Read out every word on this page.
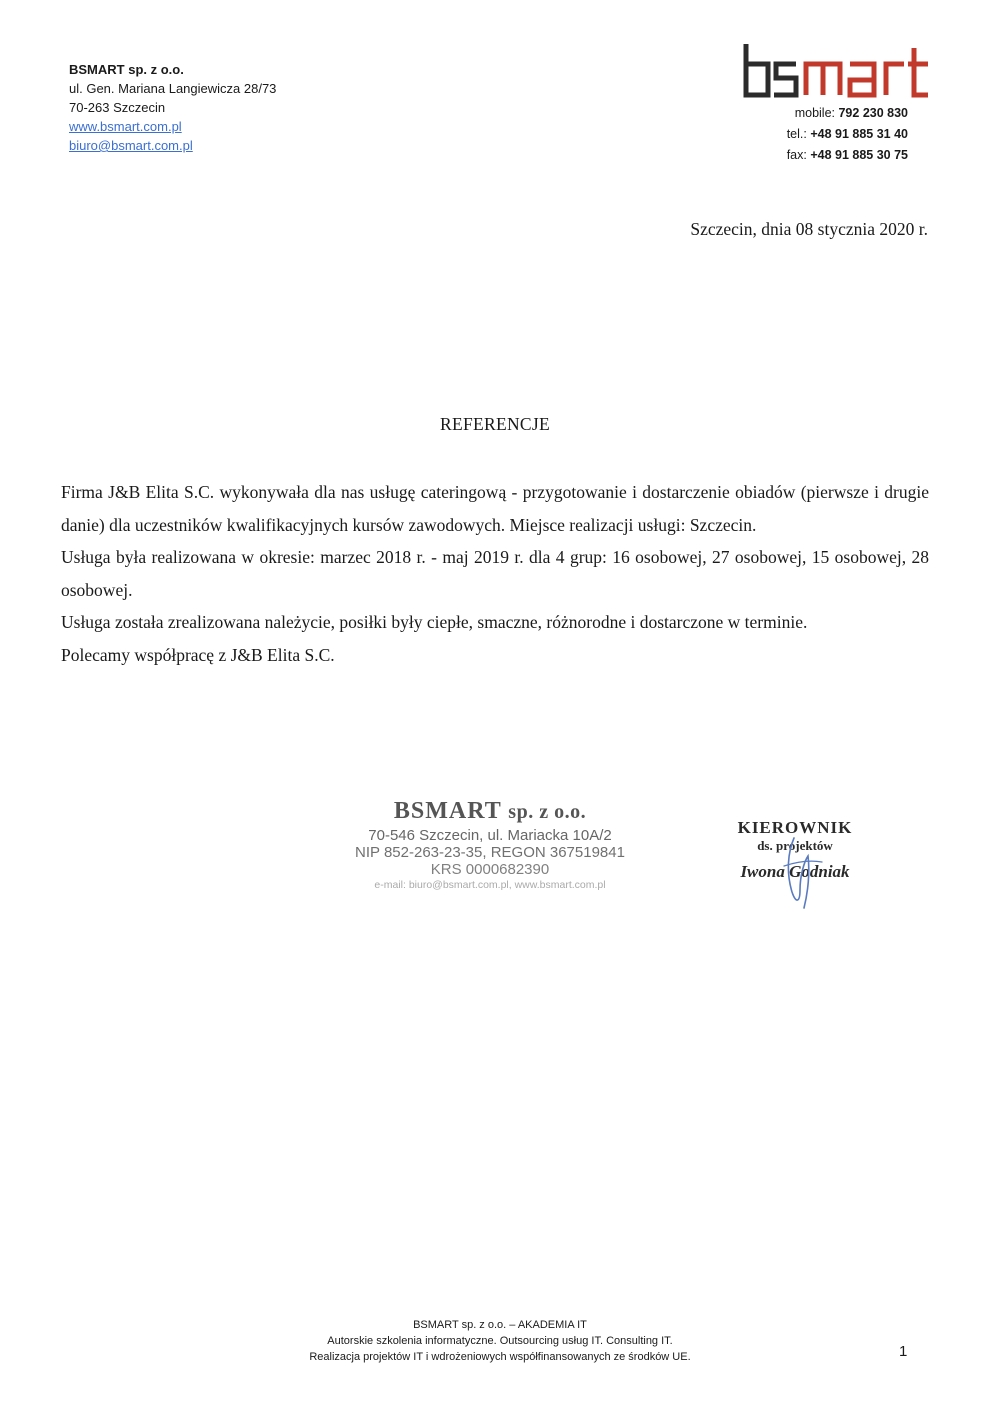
BSMART sp. z o.o.
ul. Gen. Mariana Langiewicza 28/73
70-263 Szczecin
www.bsmart.com.pl
biuro@bsmart.com.pl
mobile: 792 230 830
tel.: +48 91 885 31 40
fax: +48 91 885 30 75
Szczecin, dnia 08 stycznia 2020 r.
REFERENCJE

Firma J&B Elita S.C. wykonywała dla nas usługę cateringową - przygotowanie i dostarczenie obiadów (pierwsze i drugie danie) dla uczestników kwalifikacyjnych kursów zawodowych. Miejsce realizacji usługi: Szczecin.

Usługa była realizowana w okresie: marzec 2018 r. - maj 2019 r. dla 4 grup: 16 osobowej, 27 osobowej, 15 osobowej, 28 osobowej.

Usługa została zrealizowana należycie, posiłki były ciepłe, smaczne, różnorodne i dostarczone w terminie.

Polecamy współpracę z J&B Elita S.C.

BSMART sp. z o.o.
70-546 Szczecin, ul. Mariacka 10A/2
NIP 852-263-23-35, REGON 367519841
KRS 0000682390
e-mail: biuro@bsmart.com.pl, www.bsmart.com.pl
KIEROWNIK
ds. projektów
Iwona Godniak
BSMART sp. z o.o. – AKADEMIA IT
Autorskie szkolenia informatyczne. Outsourcing usług IT. Consulting IT.
Realizacja projektów IT i wdrożeniowych współfinansowanych ze środków UE.	1
